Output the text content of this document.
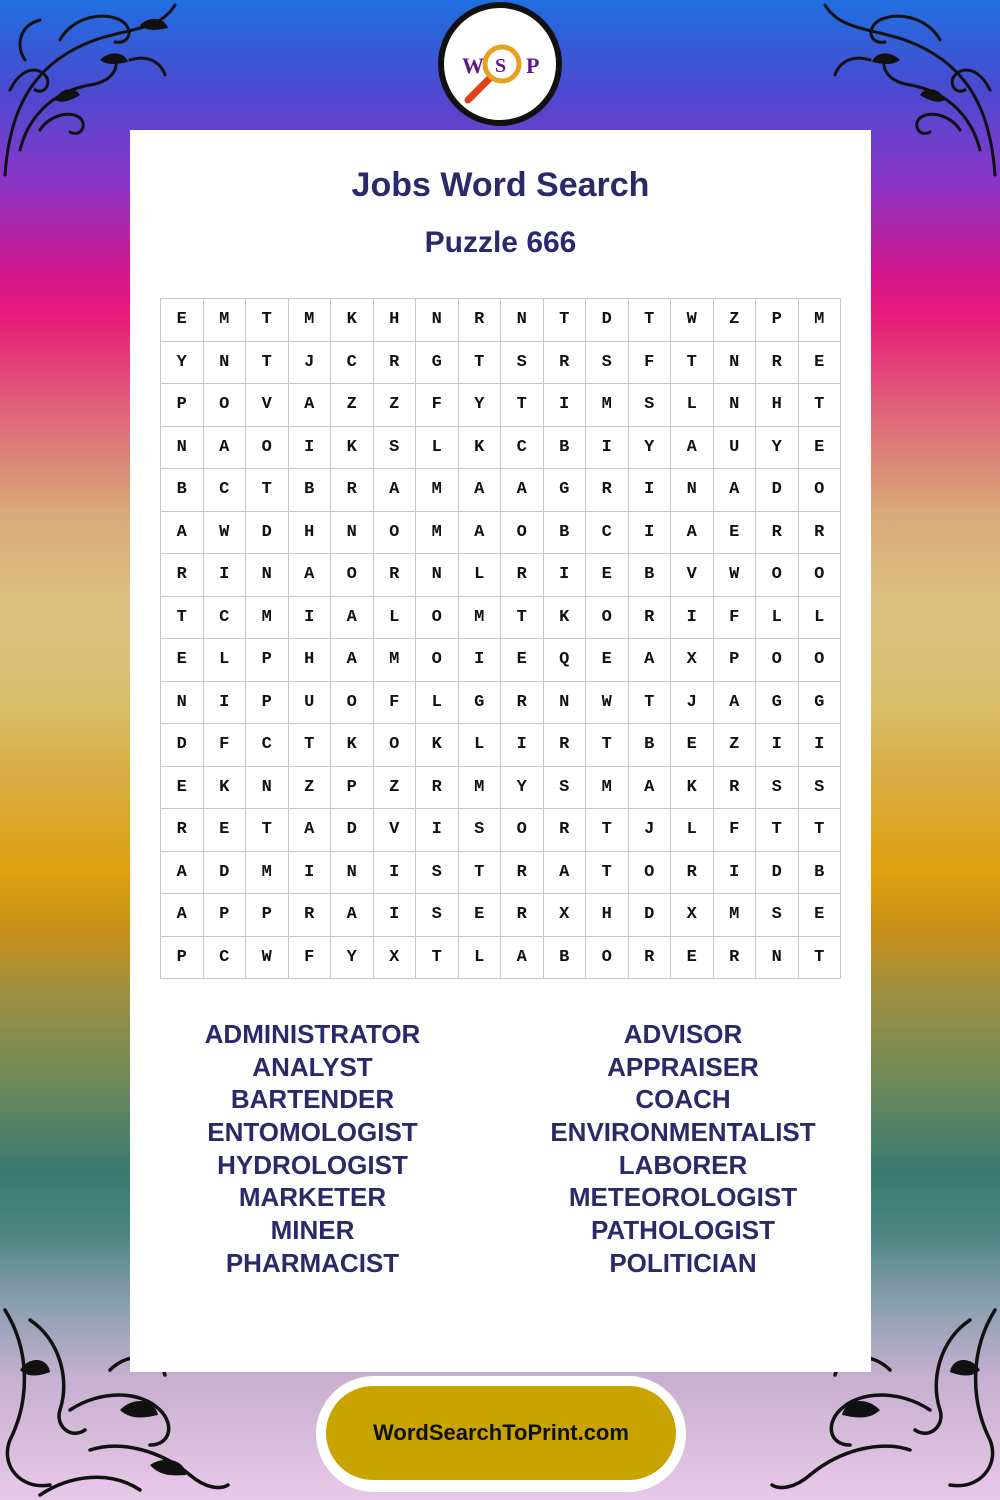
W S P
Jobs Word Search
Puzzle 666
E	M	T	M	K	H	N	R	N	T	D	T	W	Z	P	M
Y	N	T	J	C	R	G	T	S	R	S	F	T	N	R	E
P	O	V	A	Z	Z	F	Y	T	I	M	S	L	N	H	T
N	A	O	I	K	S	L	K	C	B	I	Y	A	U	Y	E
B	C	T	B	R	A	M	A	A	G	R	I	N	A	D	O
A	W	D	H	N	O	M	A	O	B	C	I	A	E	R	R
R	I	N	A	O	R	N	L	R	I	E	B	V	W	O	O
T	C	M	I	A	L	O	M	T	K	O	R	I	F	L	L
E	L	P	H	A	M	O	I	E	Q	E	A	X	P	O	O
N	I	P	U	O	F	L	G	R	N	W	T	J	A	G	G
D	F	C	T	K	O	K	L	I	R	T	B	E	Z	I	I
E	K	N	Z	P	Z	R	M	Y	S	M	A	K	R	S	S
R	E	T	A	D	V	I	S	O	R	T	J	L	F	T	T
A	D	M	I	N	I	S	T	R	A	T	O	R	I	D	B
A	P	P	R	A	I	S	E	R	X	H	D	X	M	S	E
P	C	W	F	Y	X	T	L	A	B	O	R	E	R	N	T
ADMINISTRATOR	ADVISOR
ANALYST	APPRAISER
BARTENDER	COACH
ENTOMOLOGIST	ENVIRONMENTALIST
HYDROLOGIST	LABORER
MARKETER	METEOROLOGIST
MINER	PATHOLOGIST
PHARMACIST	POLITICIAN
WordSearchToPrint.com
